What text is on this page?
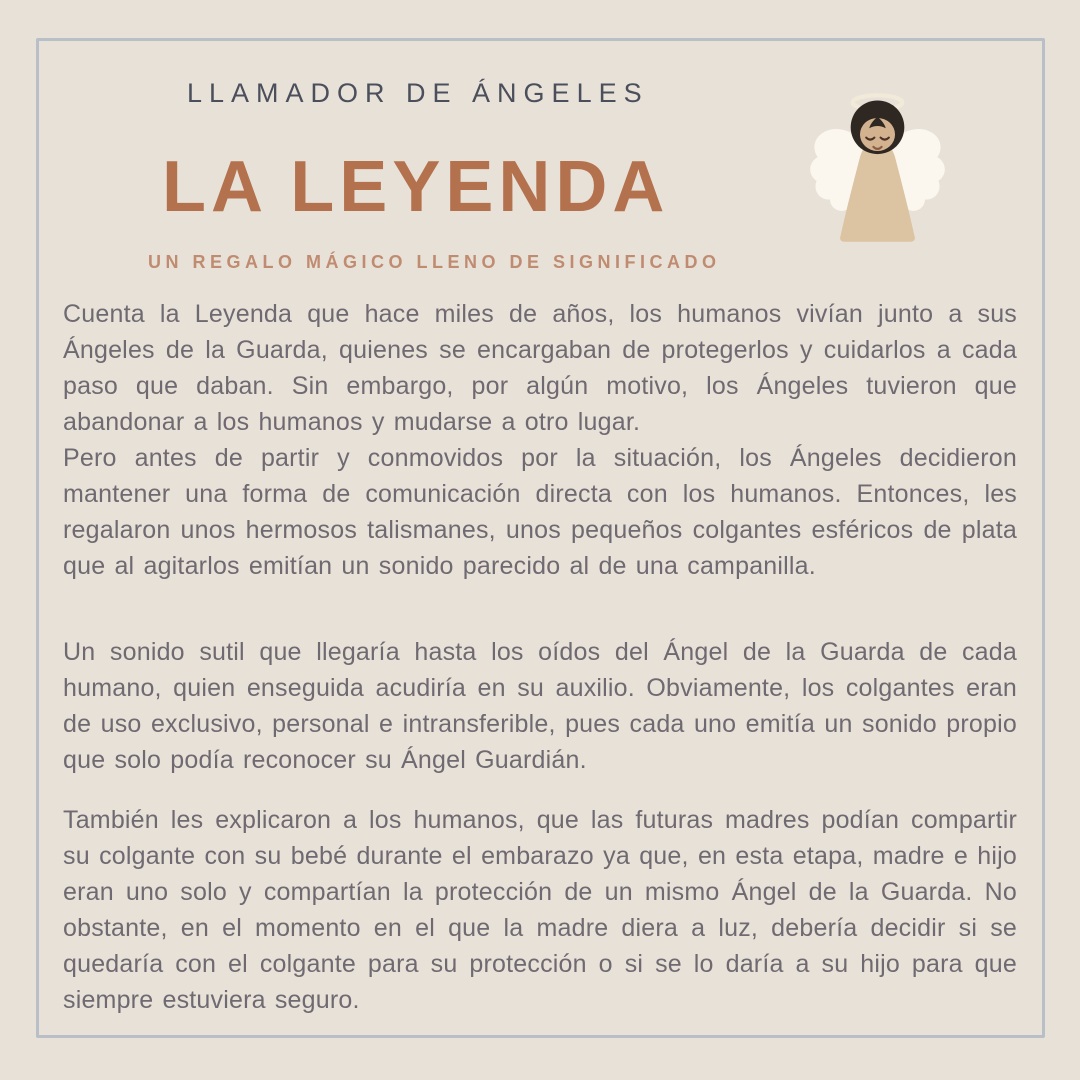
LLAMADOR DE ÁNGELES
LA LEYENDA
UN REGALO MÁGICO LLENO DE SIGNIFICADO

Cuenta la Leyenda que hace miles de años, los humanos vivían junto a sus Ángeles de la Guarda, quienes se encargaban de protegerlos y cuidarlos a cada paso que daban. Sin embargo, por algún motivo, los Ángeles tuvieron que abandonar a los humanos y mudarse a otro lugar.

Pero antes de partir y conmovidos por la situación, los Ángeles decidieron mantener una forma de comunicación directa con los humanos. Entonces, les regalaron unos hermosos talismanes, unos pequeños colgantes esféricos de plata que al agitarlos emitían un sonido parecido al de una campanilla.

Un sonido sutil que llegaría hasta los oídos del Ángel de la Guarda de cada humano, quien enseguida acudiría en su auxilio. Obviamente, los colgantes eran de uso exclusivo, personal e intransferible, pues cada uno emitía un sonido propio que solo podía reconocer su Ángel Guardián.

También les explicaron a los humanos, que las futuras madres podían compartir su colgante con su bebé durante el embarazo ya que, en esta etapa, madre e hijo eran uno solo y compartían la protección de un mismo Ángel de la Guarda. No obstante, en el momento en el que la madre diera a luz, debería decidir si se quedaría con el colgante para su protección o si se lo daría a su hijo para que siempre estuviera seguro.
